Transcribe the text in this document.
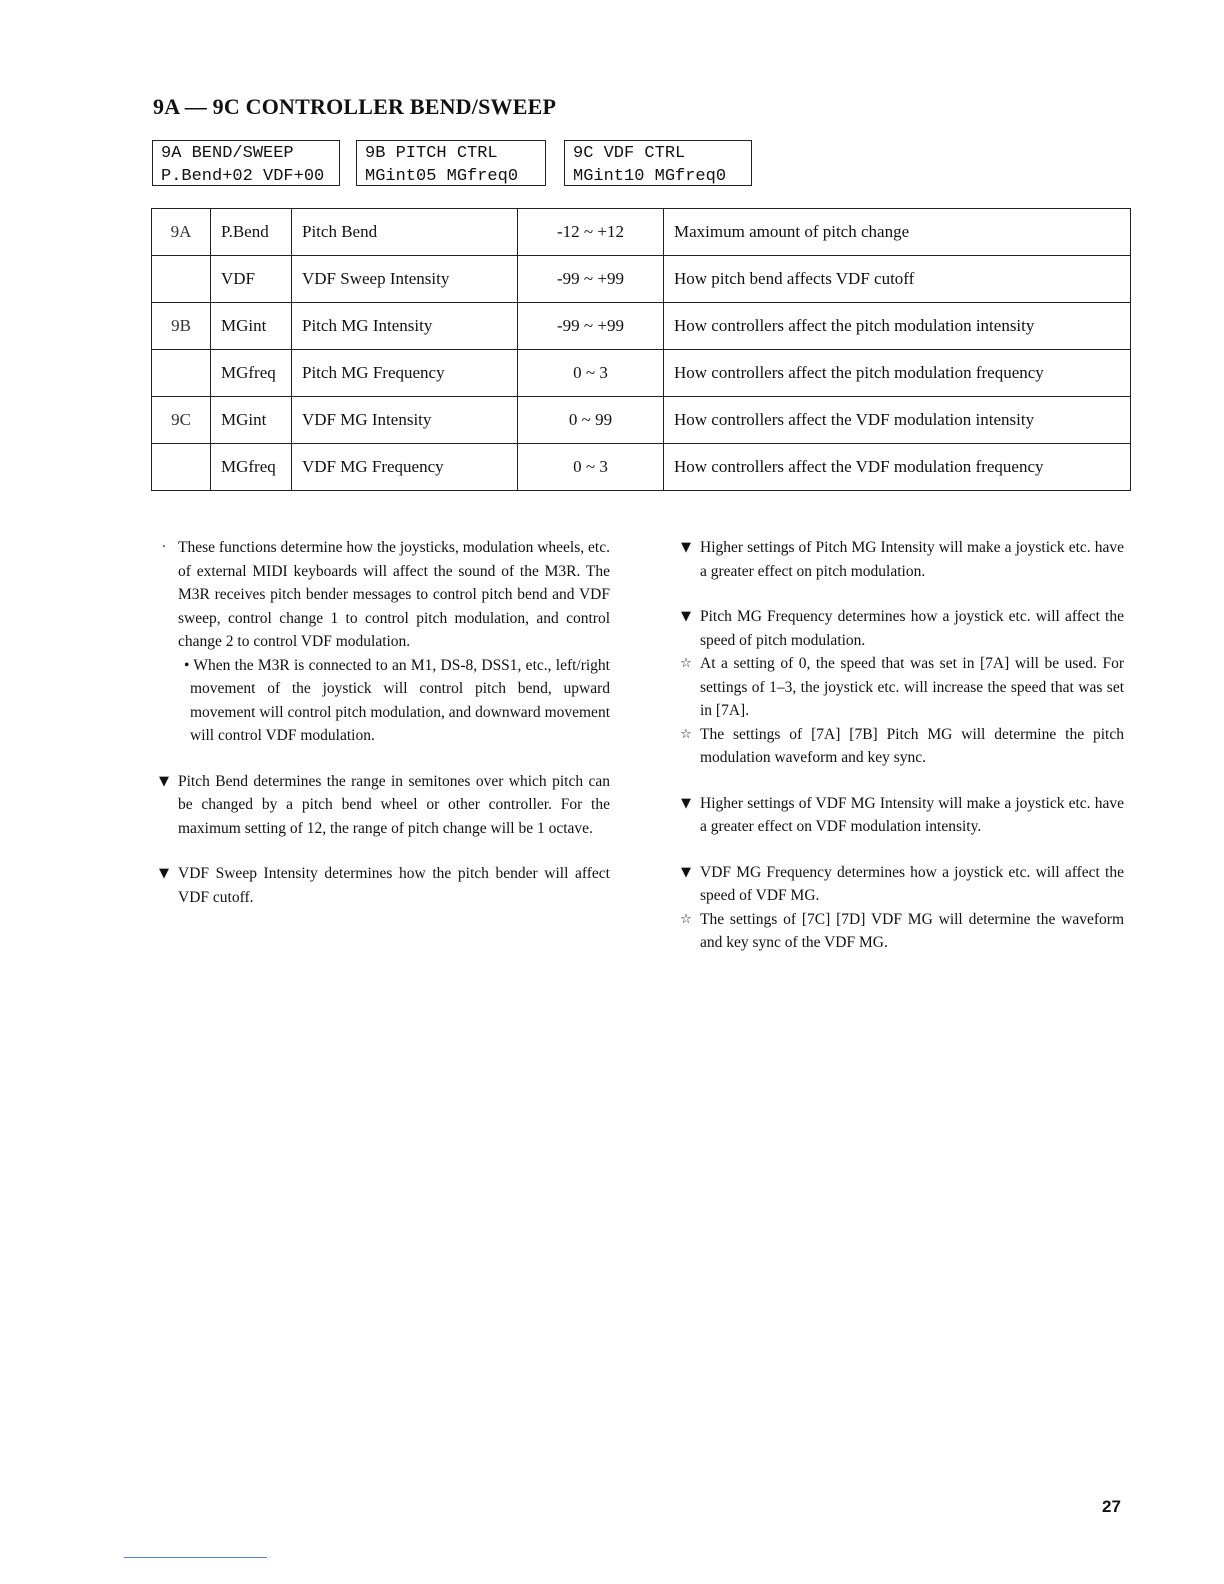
9A — 9C CONTROLLER BEND/SWEEP
9A BEND/SWEEP
P.Bend+02 VDF+00
9B PITCH CTRL
MGint05 MGfreq0
9C VDF CTRL
MGint10 MGfreq0
9A	P.Bend	Pitch Bend	-12 ~ +12	Maximum amount of pitch change
	VDF	VDF Sweep Intensity	-99 ~ +99	How pitch bend affects VDF cutoff
9B	MGint	Pitch MG Intensity	-99 ~ +99	How controllers affect the pitch modulation intensity
	MGfreq	Pitch MG Frequency	0 ~ 3	How controllers affect the pitch modulation frequency
9C	MGint	VDF MG Intensity	0 ~ 99	How controllers affect the VDF modulation intensity
	MGfreq	VDF MG Frequency	0 ~ 3	How controllers affect the VDF modulation frequency
· These functions determine how the joysticks, modulation wheels, etc. of external MIDI keyboards will affect the sound of the M3R. The M3R receives pitch bender messages to control pitch bend and VDF sweep, control change 1 to control pitch modulation, and control change 2 to control VDF modulation.
• When the M3R is connected to an M1, DS-8, DSS1, etc., left/right movement of the joystick will control pitch bend, upward movement will control pitch modulation, and downward movement will control VDF modulation.
▼ Pitch Bend determines the range in semitones over which pitch can be changed by a pitch bend wheel or other controller. For the maximum setting of 12, the range of pitch change will be 1 octave.
▼ VDF Sweep Intensity determines how the pitch bender will affect VDF cutoff.
▼ Higher settings of Pitch MG Intensity will make a joystick etc. have a greater effect on pitch modulation.
▼ Pitch MG Frequency determines how a joystick etc. will affect the speed of pitch modulation.
☆ At a setting of 0, the speed that was set in [7A] will be used. For settings of 1–3, the joystick etc. will increase the speed that was set in [7A].
☆ The settings of [7A] [7B] Pitch MG will determine the pitch modulation waveform and key sync.
▼ Higher settings of VDF MG Intensity will make a joystick etc. have a greater effect on VDF modulation intensity.
▼ VDF MG Frequency determines how a joystick etc. will affect the speed of VDF MG.
☆ The settings of [7C] [7D] VDF MG will determine the waveform and key sync of the VDF MG.
27
